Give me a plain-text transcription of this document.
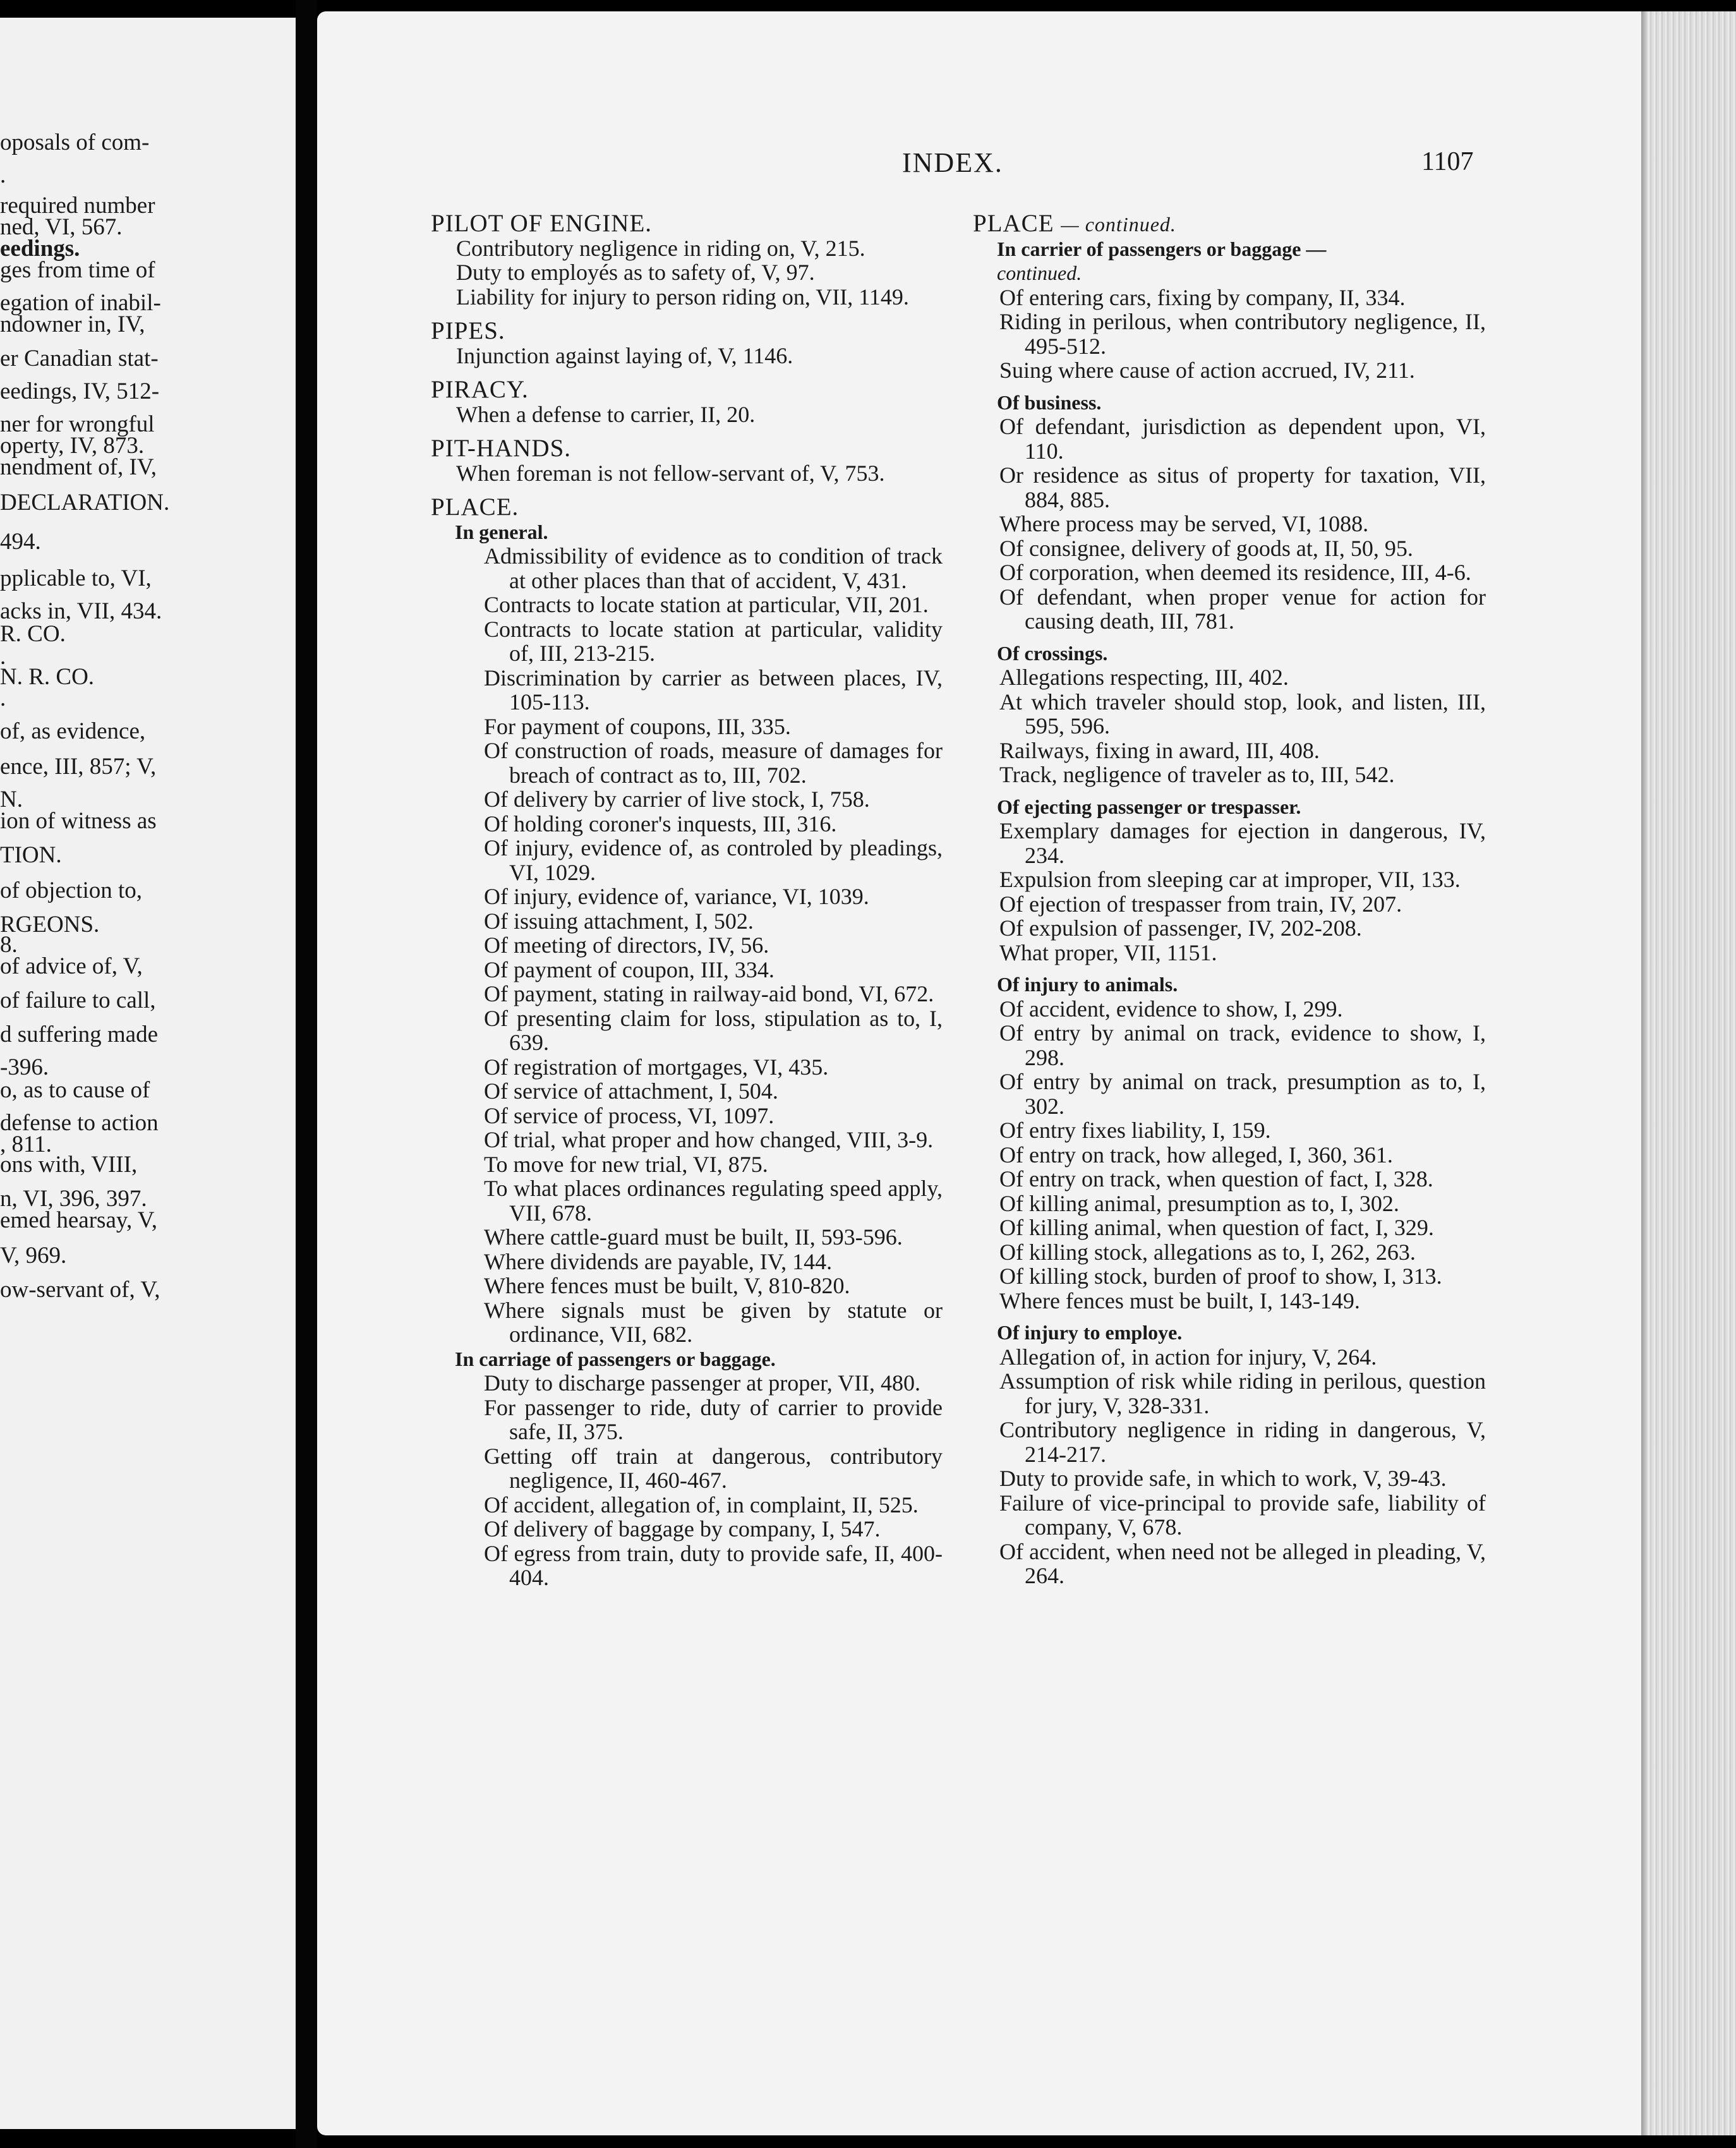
oposals of com-
.
required number
ned, VI, 567.
eedings.
ges from time of
egation of inabil-
ndowner in, IV,
er Canadian stat-
eedings, IV, 512-
ner for wrongful
operty, IV, 873.
nendment of, IV,
DECLARATION.
494.
pplicable to, VI,
acks in, VII, 434.
R. CO.
.
N. R. CO.
.
of, as evidence,
ence, III, 857; V,
N.
ion of witness as
TION.
of objection to,
RGEONS.
8.
of advice of, V,
of failure to call,
d suffering made
-396.
o, as to cause of
defense to action
, 811.
ons with, VIII,
n, VI, 396, 397.
emed hearsay, V,
V, 969.
ow-servant of, V,
INDEX.	1107
PILOT OF ENGINE.
Contributory negligence in riding on, V, 215.
Duty to employés as to safety of, V, 97.
Liability for injury to person riding on, VII, 1149.
PIPES.
Injunction against laying of, V, 1146.
PIRACY.
When a defense to carrier, II, 20.
PIT-HANDS.
When foreman is not fellow-servant of, V, 753.
PLACE.
In general.
Admissibility of evidence as to condition of track at other places than that of accident, V, 431.
Contracts to locate station at particular, VII, 201.
Contracts to locate station at particular, validity of, III, 213-215.
Discrimination by carrier as between places, IV, 105-113.
For payment of coupons, III, 335.
Of construction of roads, measure of damages for breach of contract as to, III, 702.
Of delivery by carrier of live stock, I, 758.
Of holding coroner's inquests, III, 316.
Of injury, evidence of, as controled by pleadings, VI, 1029.
Of injury, evidence of, variance, VI, 1039.
Of issuing attachment, I, 502.
Of meeting of directors, IV, 56.
Of payment of coupon, III, 334.
Of payment, stating in railway-aid bond, VI, 672.
Of presenting claim for loss, stipulation as to, I, 639.
Of registration of mortgages, VI, 435.
Of service of attachment, I, 504.
Of service of process, VI, 1097.
Of trial, what proper and how changed, VIII, 3-9.
To move for new trial, VI, 875.
To what places ordinances regulating speed apply, VII, 678.
Where cattle-guard must be built, II, 593-596.
Where dividends are payable, IV, 144.
Where fences must be built, V, 810-820.
Where signals must be given by statute or ordinance, VII, 682.
In carriage of passengers or baggage.
Duty to discharge passenger at proper, VII, 480.
For passenger to ride, duty of carrier to provide safe, II, 375.
Getting off train at dangerous, contributory negligence, II, 460-467.
Of accident, allegation of, in complaint, II, 525.
Of delivery of baggage by company, I, 547.
Of egress from train, duty to provide safe, II, 400-404.
PLACE — continued.
In carrier of passengers or baggage —
continued.
Of entering cars, fixing by company, II, 334.
Riding in perilous, when contributory negligence, II, 495-512.
Suing where cause of action accrued, IV, 211.
Of business.
Of defendant, jurisdiction as dependent upon, VI, 110.
Or residence as situs of property for taxation, VII, 884, 885.
Where process may be served, VI, 1088.
Of consignee, delivery of goods at, II, 50, 95.
Of corporation, when deemed its residence, III, 4-6.
Of defendant, when proper venue for action for causing death, III, 781.
Of crossings.
Allegations respecting, III, 402.
At which traveler should stop, look, and listen, III, 595, 596.
Railways, fixing in award, III, 408.
Track, negligence of traveler as to, III, 542.
Of ejecting passenger or trespasser.
Exemplary damages for ejection in dangerous, IV, 234.
Expulsion from sleeping car at improper, VII, 133.
Of ejection of trespasser from train, IV, 207.
Of expulsion of passenger, IV, 202-208.
What proper, VII, 1151.
Of injury to animals.
Of accident, evidence to show, I, 299.
Of entry by animal on track, evidence to show, I, 298.
Of entry by animal on track, presumption as to, I, 302.
Of entry fixes liability, I, 159.
Of entry on track, how alleged, I, 360, 361.
Of entry on track, when question of fact, I, 328.
Of killing animal, presumption as to, I, 302.
Of killing animal, when question of fact, I, 329.
Of killing stock, allegations as to, I, 262, 263.
Of killing stock, burden of proof to show, I, 313.
Where fences must be built, I, 143-149.
Of injury to employe.
Allegation of, in action for injury, V, 264.
Assumption of risk while riding in perilous, question for jury, V, 328-331.
Contributory negligence in riding in dangerous, V, 214-217.
Duty to provide safe, in which to work, V, 39-43.
Failure of vice-principal to provide safe, liability of company, V, 678.
Of accident, when need not be alleged in pleading, V, 264.
